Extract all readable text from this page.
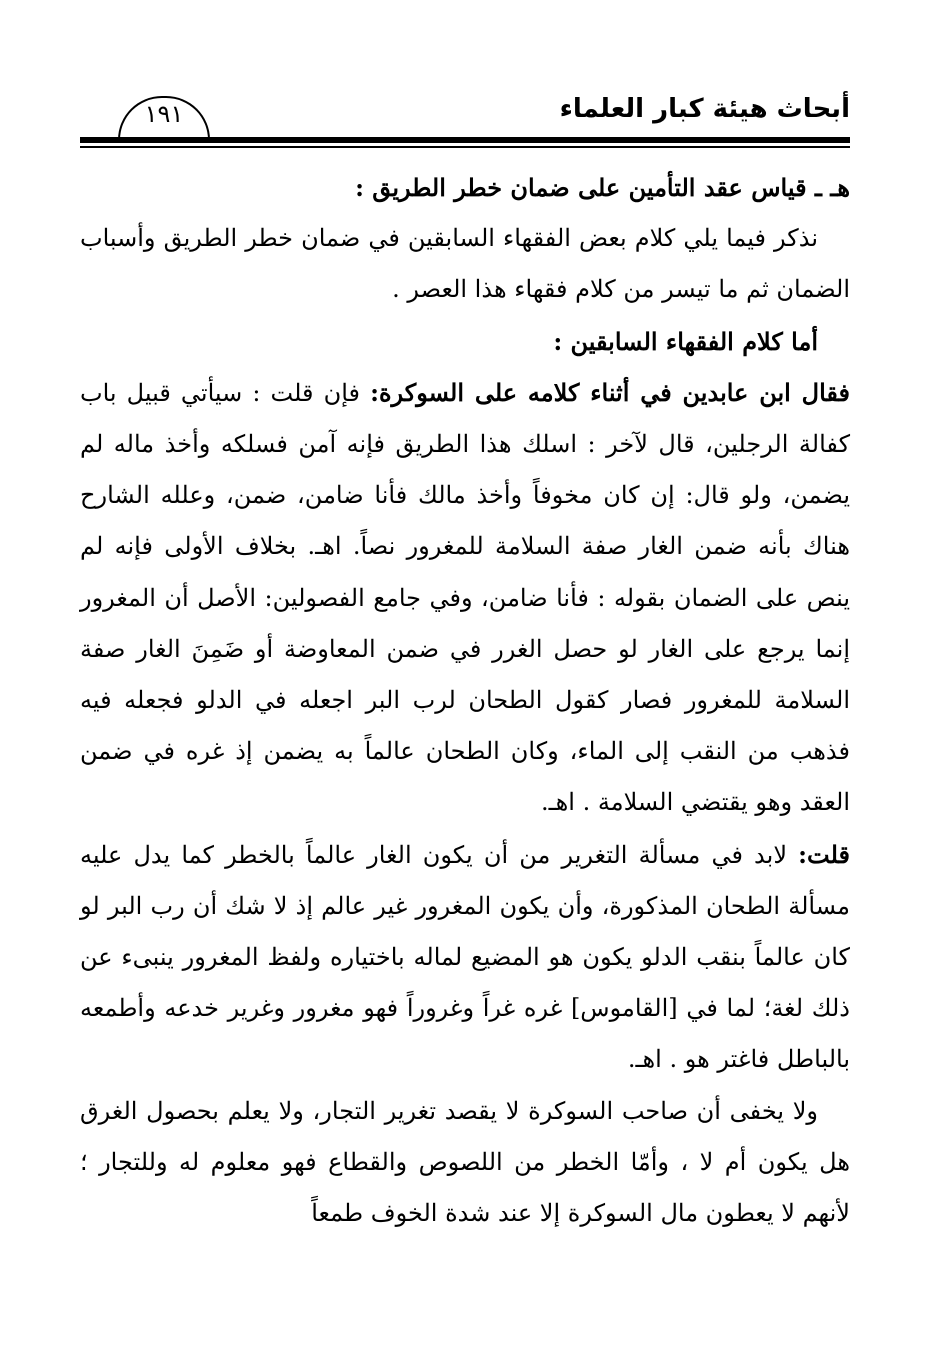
أبحاث هيئة كبار العلماء
١٩١

هـ ـ قياس عقد التأمين على ضمان خطر الطريق :

نذكر فيما يلي كلام بعض الفقهاء السابقين في ضمان خطر الطريق وأسباب الضمان ثم ما تيسر من كلام فقهاء هذا العصر .

أما كلام الفقهاء السابقين :

فقال ابن عابدين في أثناء كلامه على السوكرة: فإن قلت : سيأتي قبيل باب كفالة الرجلين، قال لآخر : اسلك هذا الطريق فإنه آمن فسلكه وأخذ ماله لم يضمن، ولو قال: إن كان مخوفاً وأخذ مالك فأنا ضامن، ضمن، وعلله الشارح هناك بأنه ضمن الغار صفة السلامة للمغرور نصاً. اهـ. بخلاف الأولى فإنه لم ينص على الضمان بقوله : فأنا ضامن، وفي جامع الفصولين: الأصل أن المغرور إنما يرجع على الغار لو حصل الغرر في ضمن المعاوضة أو ضَمِنَ الغار صفة السلامة للمغرور فصار كقول الطحان لرب البر اجعله في الدلو فجعله فيه فذهب من النقب إلى الماء، وكان الطحان عالماً به يضمن إذ غره في ضمن العقد وهو يقتضي السلامة . اهـ.

قلت: لابد في مسألة التغرير من أن يكون الغار عالماً بالخطر كما يدل عليه مسألة الطحان المذكورة، وأن يكون المغرور غير عالم إذ لا شك أن رب البر لو كان عالماً بنقب الدلو يكون هو المضيع لماله باختياره ولفظ المغرور ينبىء عن ذلك لغة؛ لما في [القاموس] غره غراً وغروراً فهو مغرور وغرير خدعه وأطمعه بالباطل فاغتر هو . اهـ.

ولا يخفى أن صاحب السوكرة لا يقصد تغرير التجار، ولا يعلم بحصول الغرق هل يكون أم لا ، وأمّا الخطر من اللصوص والقطاع فهو معلوم له وللتجار ؛ لأنهم لا يعطون مال السوكرة إلا عند شدة الخوف طمعاً
